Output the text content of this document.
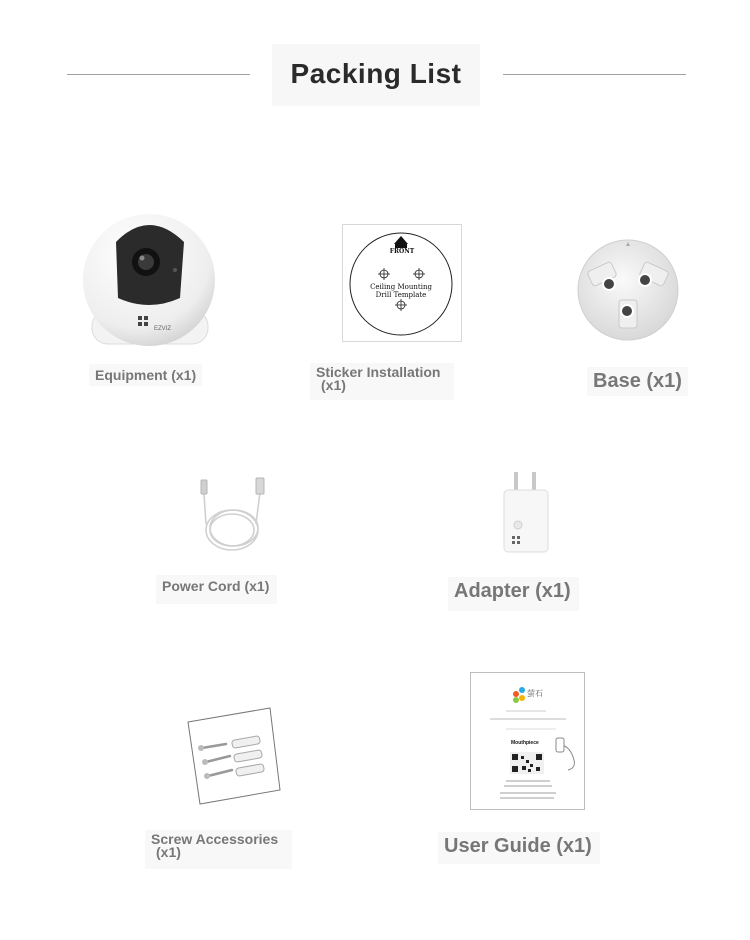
Packing List
EZVIZ
Equipment (x1)
FRONT
Ceiling Mounting
Drill Template
Sticker Installation
(x1)	Base (x1)
Power Cord (x1)	Adapter (x1)
Screw Accessories
(x1)
萤石
Mouthpiece
User Guide (x1)
